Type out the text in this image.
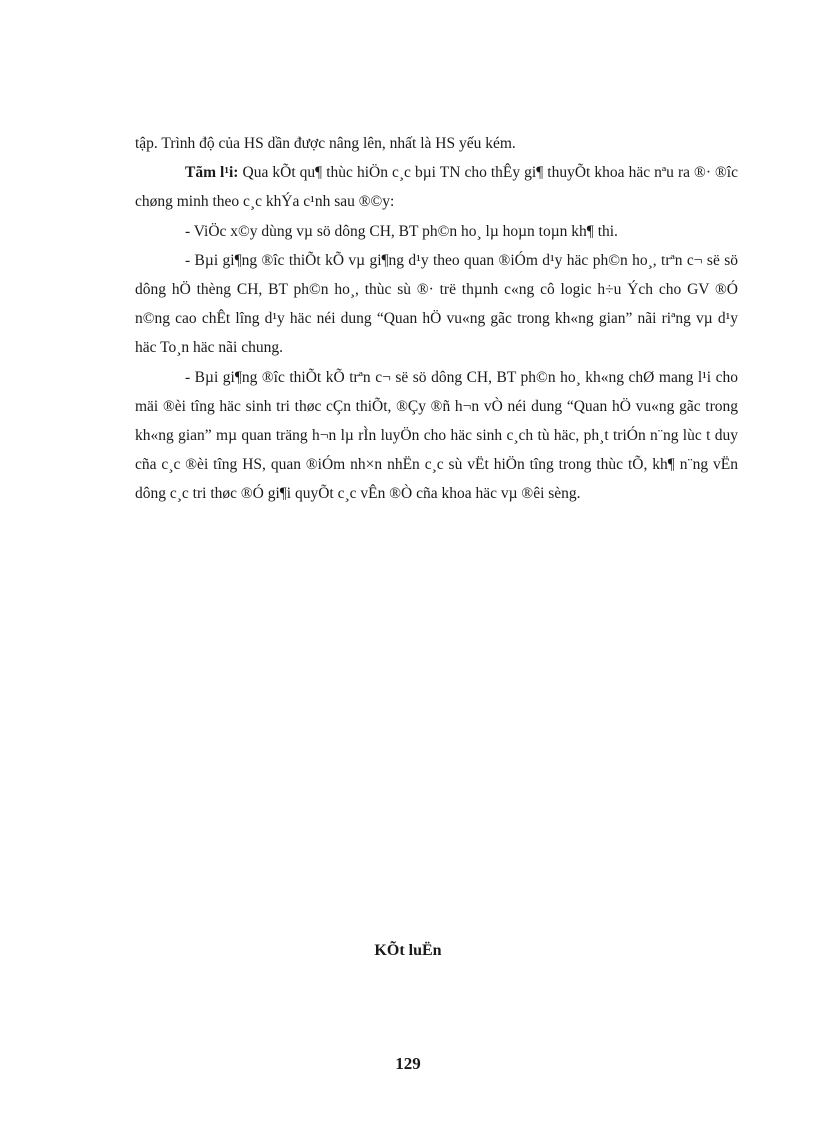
tập. Trình độ của HS dần được nâng lên, nhất là HS yếu kém.

Tãm l¹i: Qua kÕt qu¶ thùc hiÖn c¸c bµi TN cho thÊy gi¶ thuyÕt khoa häc nªu ra ®· ®îc chøng minh theo c¸c khÝa c¹nh sau ®©y:

- ViÖc x©y dùng vµ sö dông CH, BT ph©n ho¸ lµ hoµn toµn kh¶ thi.

- Bµi gi¶ng ®îc thiÕt kÕ vµ gi¶ng d¹y theo quan ®iÓm d¹y häc ph©n ho¸, trªn c¬ së sö dông hÖ thèng CH, BT ph©n ho¸, thùc sù ®· trë thµnh c«ng cô logic h÷u Ých cho GV ®Ó n©ng cao chÊt lîng d¹y häc néi dung “Quan hÖ vu«ng gãc trong kh«ng gian” nãi riªng vµ d¹y häc To¸n häc nãi chung.

- Bµi gi¶ng ®îc thiÕt kÕ trªn c¬ së sö dông CH, BT ph©n ho¸ kh«ng chØ mang l¹i cho mäi ®èi tîng häc sinh tri thøc cÇn thiÕt, ®Çy ®ñ h¬n vÒ néi dung “Quan hÖ vu«ng gãc trong kh«ng gian” mµ quan träng h¬n lµ rÌn luyÖn cho häc sinh c¸ch tù häc, ph¸t triÓn n¨ng lùc t duy cña c¸c ®èi tîng HS, quan ®iÓm nh×n nhËn c¸c sù vËt hiÖn tîng trong thùc tÕ, kh¶ n¨ng vËn dông c¸c tri thøc ®Ó gi¶i quyÕt c¸c vÊn ®Ò cña khoa häc vµ ®êi sèng.

KÕt luËn
129
